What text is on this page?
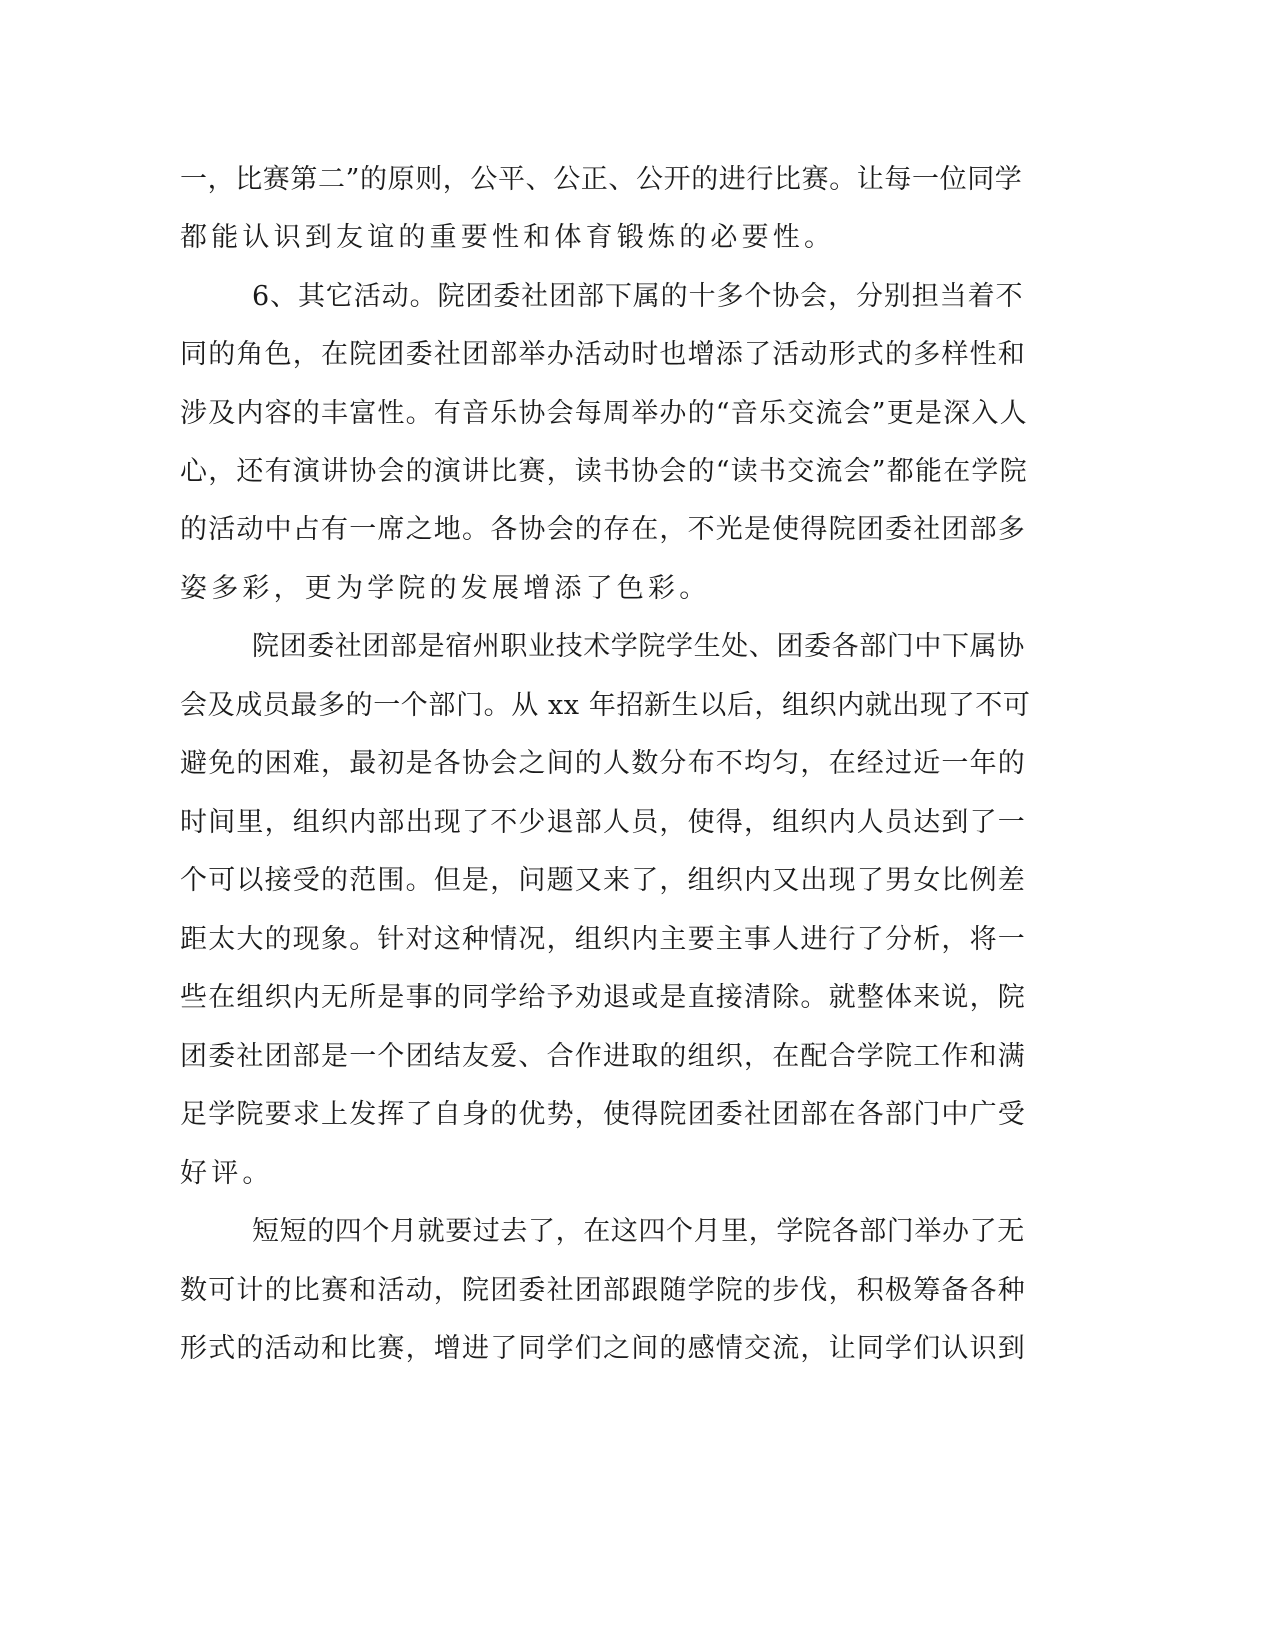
一，比赛第二”的原则，公平、公正、公开的进行比赛。让每一位同学
都能认识到友谊的重要性和体育锻炼的必要性。
6、其它活动。院团委社团部下属的十多个协会，分别担当着不
同的角色，在院团委社团部举办活动时也增添了活动形式的多样性和
涉及内容的丰富性。有音乐协会每周举办的“音乐交流会”更是深入人
心，还有演讲协会的演讲比赛，读书协会的“读书交流会”都能在学院
的活动中占有一席之地。各协会的存在，不光是使得院团委社团部多
姿多彩，更为学院的发展增添了色彩。
院团委社团部是宿州职业技术学院学生处、团委各部门中下属协
会及成员最多的一个部门。从 xx 年招新生以后，组织内就出现了不可
避免的困难，最初是各协会之间的人数分布不均匀，在经过近一年的
时间里，组织内部出现了不少退部人员，使得，组织内人员达到了一
个可以接受的范围。但是，问题又来了，组织内又出现了男女比例差
距太大的现象。针对这种情况，组织内主要主事人进行了分析，将一
些在组织内无所是事的同学给予劝退或是直接清除。就整体来说，院
团委社团部是一个团结友爱、合作进取的组织，在配合学院工作和满
足学院要求上发挥了自身的优势，使得院团委社团部在各部门中广受
好评。
短短的四个月就要过去了，在这四个月里，学院各部门举办了无
数可计的比赛和活动，院团委社团部跟随学院的步伐，积极筹备各种
形式的活动和比赛，增进了同学们之间的感情交流，让同学们认识到
